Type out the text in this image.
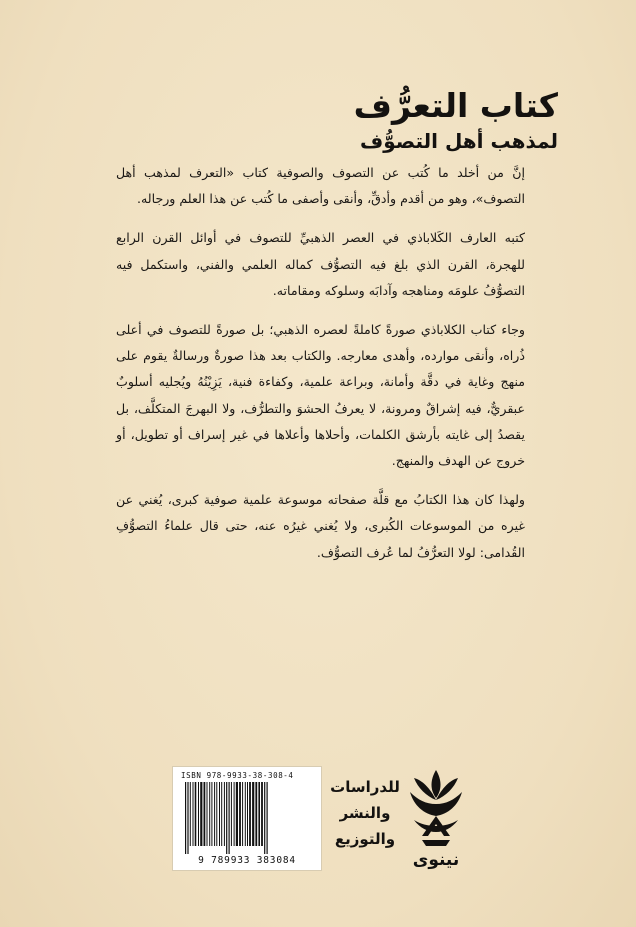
كتاب التعرُّف
لمذهب أهل التصوُّف

إنَّ من أخلد ما كُتب عن التصوف والصوفية كتاب «التعرف لمذهب أهل التصوف»، وهو من أقدم وأدقِّ، وأنقى وأصفى ما كُتب عن هذا العلم ورجاله.

كتبه العارف الكَلاباذي في العصر الذهبيِّ للتصوف في أوائل القرن الرابع للهجرة، القرن الذي بلغ فيه التصوُّف كماله العلمي والفني، واستكمل فيه التصوُّفُ علومَه ومناهجه وآدابَه وسلوكه ومقاماته.

وجاء كتاب الكلاباذي صورةً كاملةً لعصره الذهبي؛ بل صورةً للتصوف في أعلى ذُراه، وأنقى موارده، وأهدى معارجه. والكتاب بعد هذا صورةٌ ورسالةٌ يقوم على منهج وغاية في دقَّة وأمانة، وبراعة علمية، وكفاءة فنية، يَزِيْنُهُ ويُجليه أسلوبٌ عبقريٌّ، فيه إشراقٌ ومرونة، لا يعرفُ الحشوَ والتطرُّف، ولا البهرجَ المتكلَّف، بل يقصدُ إلى غايته بأرشق الكلمات، وأحلاها وأعلاها في غير إسراف أو تطويل، أو خروج عن الهدف والمنهج.

ولهذا كان هذا الكتابُ مع قلَّة صفحاته موسوعة علمية صوفية كبرى، يُغني عن غيره من الموسوعات الكُبرى، ولا يُغني غيرُه عنه، حتى قال علماءُ التصوُّفِ القُدامى: لولا التعرُّفُ لما عُرف التصوُّف.

ISBN 978-9933-38-308-4
9 789933 383084
للدراسات
والنشر
والتوزيع
نينوى
